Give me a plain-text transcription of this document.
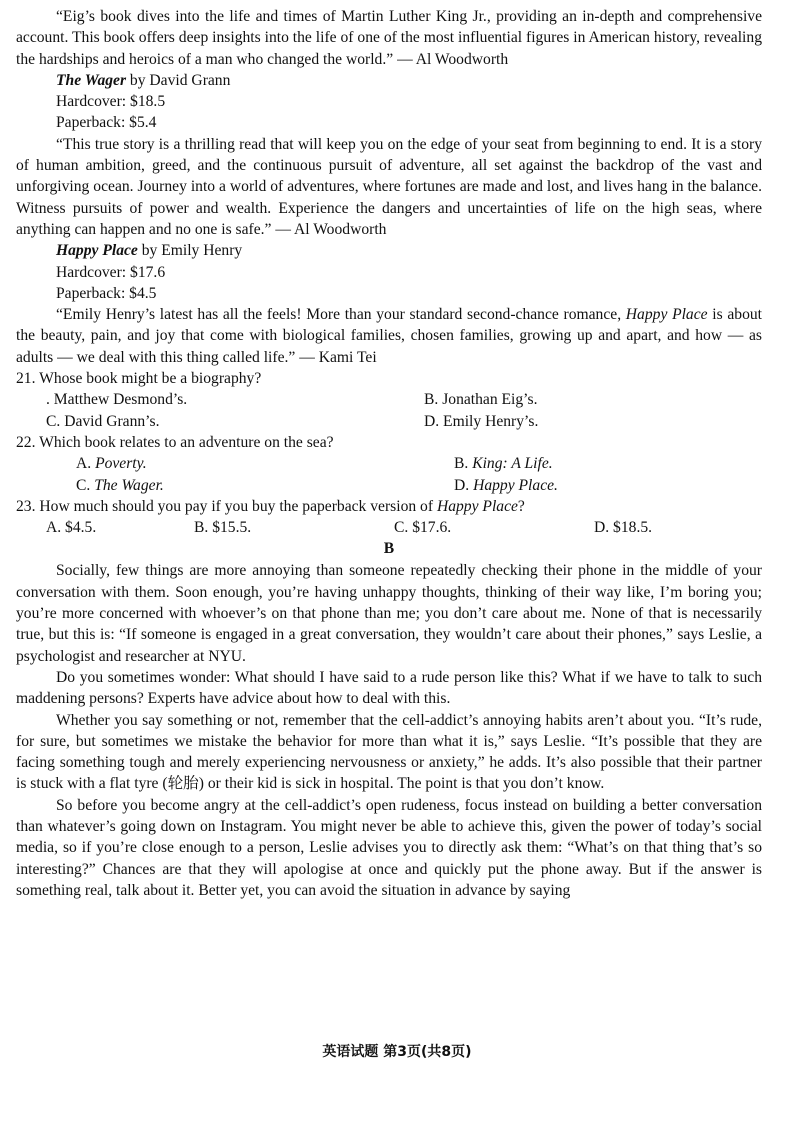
“Eig’s book dives into the life and times of Martin Luther King Jr., providing an in-depth and comprehensive account. This book offers deep insights into the life of one of the most influential figures in American history, revealing the hardships and heroics of a man who changed the world.” — Al Woodworth

The Wager by David Grann

Hardcover: $18.5

Paperback: $5.4

“This true story is a thrilling read that will keep you on the edge of your seat from beginning to end. It is a story of human ambition, greed, and the continuous pursuit of adventure, all set against the backdrop of the vast and unforgiving ocean. Journey into a world of adventures, where fortunes are made and lost, and lives hang in the balance. Witness pursuits of power and wealth. Experience the dangers and uncertainties of life on the high seas, where anything can happen and no one is safe.” — Al Woodworth

Happy Place by Emily Henry

Hardcover: $17.6

Paperback: $4.5

“Emily Henry’s latest has all the feels! More than your standard second-chance romance, Happy Place is about the beauty, pain, and joy that come with biological families, chosen families, growing up and apart, and how — as adults — we deal with this thing called life.” — Kami Tei

21. Whose book might be a biography?
. Matthew Desmond’s.	B. Jonathan Eig’s.
C. David Grann’s.	D. Emily Henry’s.
22. Which book relates to an adventure on the sea?
A. Poverty.	B. King: A Life.
C. The Wager.	D. Happy Place.
23. How much should you pay if you buy the paperback version of Happy Place?
A. $4.5.	B. $15.5.	C. $17.6.	D. $18.5.
B

Socially, few things are more annoying than someone repeatedly checking their phone in the middle of your conversation with them. Soon enough, you’re having unhappy thoughts, thinking of their way like, I’m boring you; you’re more concerned with whoever’s on that phone than me; you don’t care about me. None of that is necessarily true, but this is: “If someone is engaged in a great conversation, they wouldn’t care about their phones,” says Leslie, a psychologist and researcher at NYU.

Do you sometimes wonder: What should I have said to a rude person like this? What if we have to talk to such maddening persons? Experts have advice about how to deal with this.

Whether you say something or not, remember that the cell-addict’s annoying habits aren’t about you. “It’s rude, for sure, but sometimes we mistake the behavior for more than what it is,” says Leslie. “It’s possible that they are facing something tough and merely experiencing nervousness or anxiety,” he adds. It’s also possible that their partner is stuck with a flat tyre (轮胎) or their kid is sick in hospital. The point is that you don’t know.

So before you become angry at the cell-addict’s open rudeness, focus instead on building a better conversation than whatever’s going down on Instagram. You might never be able to achieve this, given the power of today’s social media, so if you’re close enough to a person, Leslie advises you to directly ask them: “What’s on that thing that’s so interesting?” Chances are that they will apologise at once and quickly put the phone away. But if the answer is something real, talk about it. Better yet, you can avoid the situation in advance by saying

英语试题 第3页(共8页)
